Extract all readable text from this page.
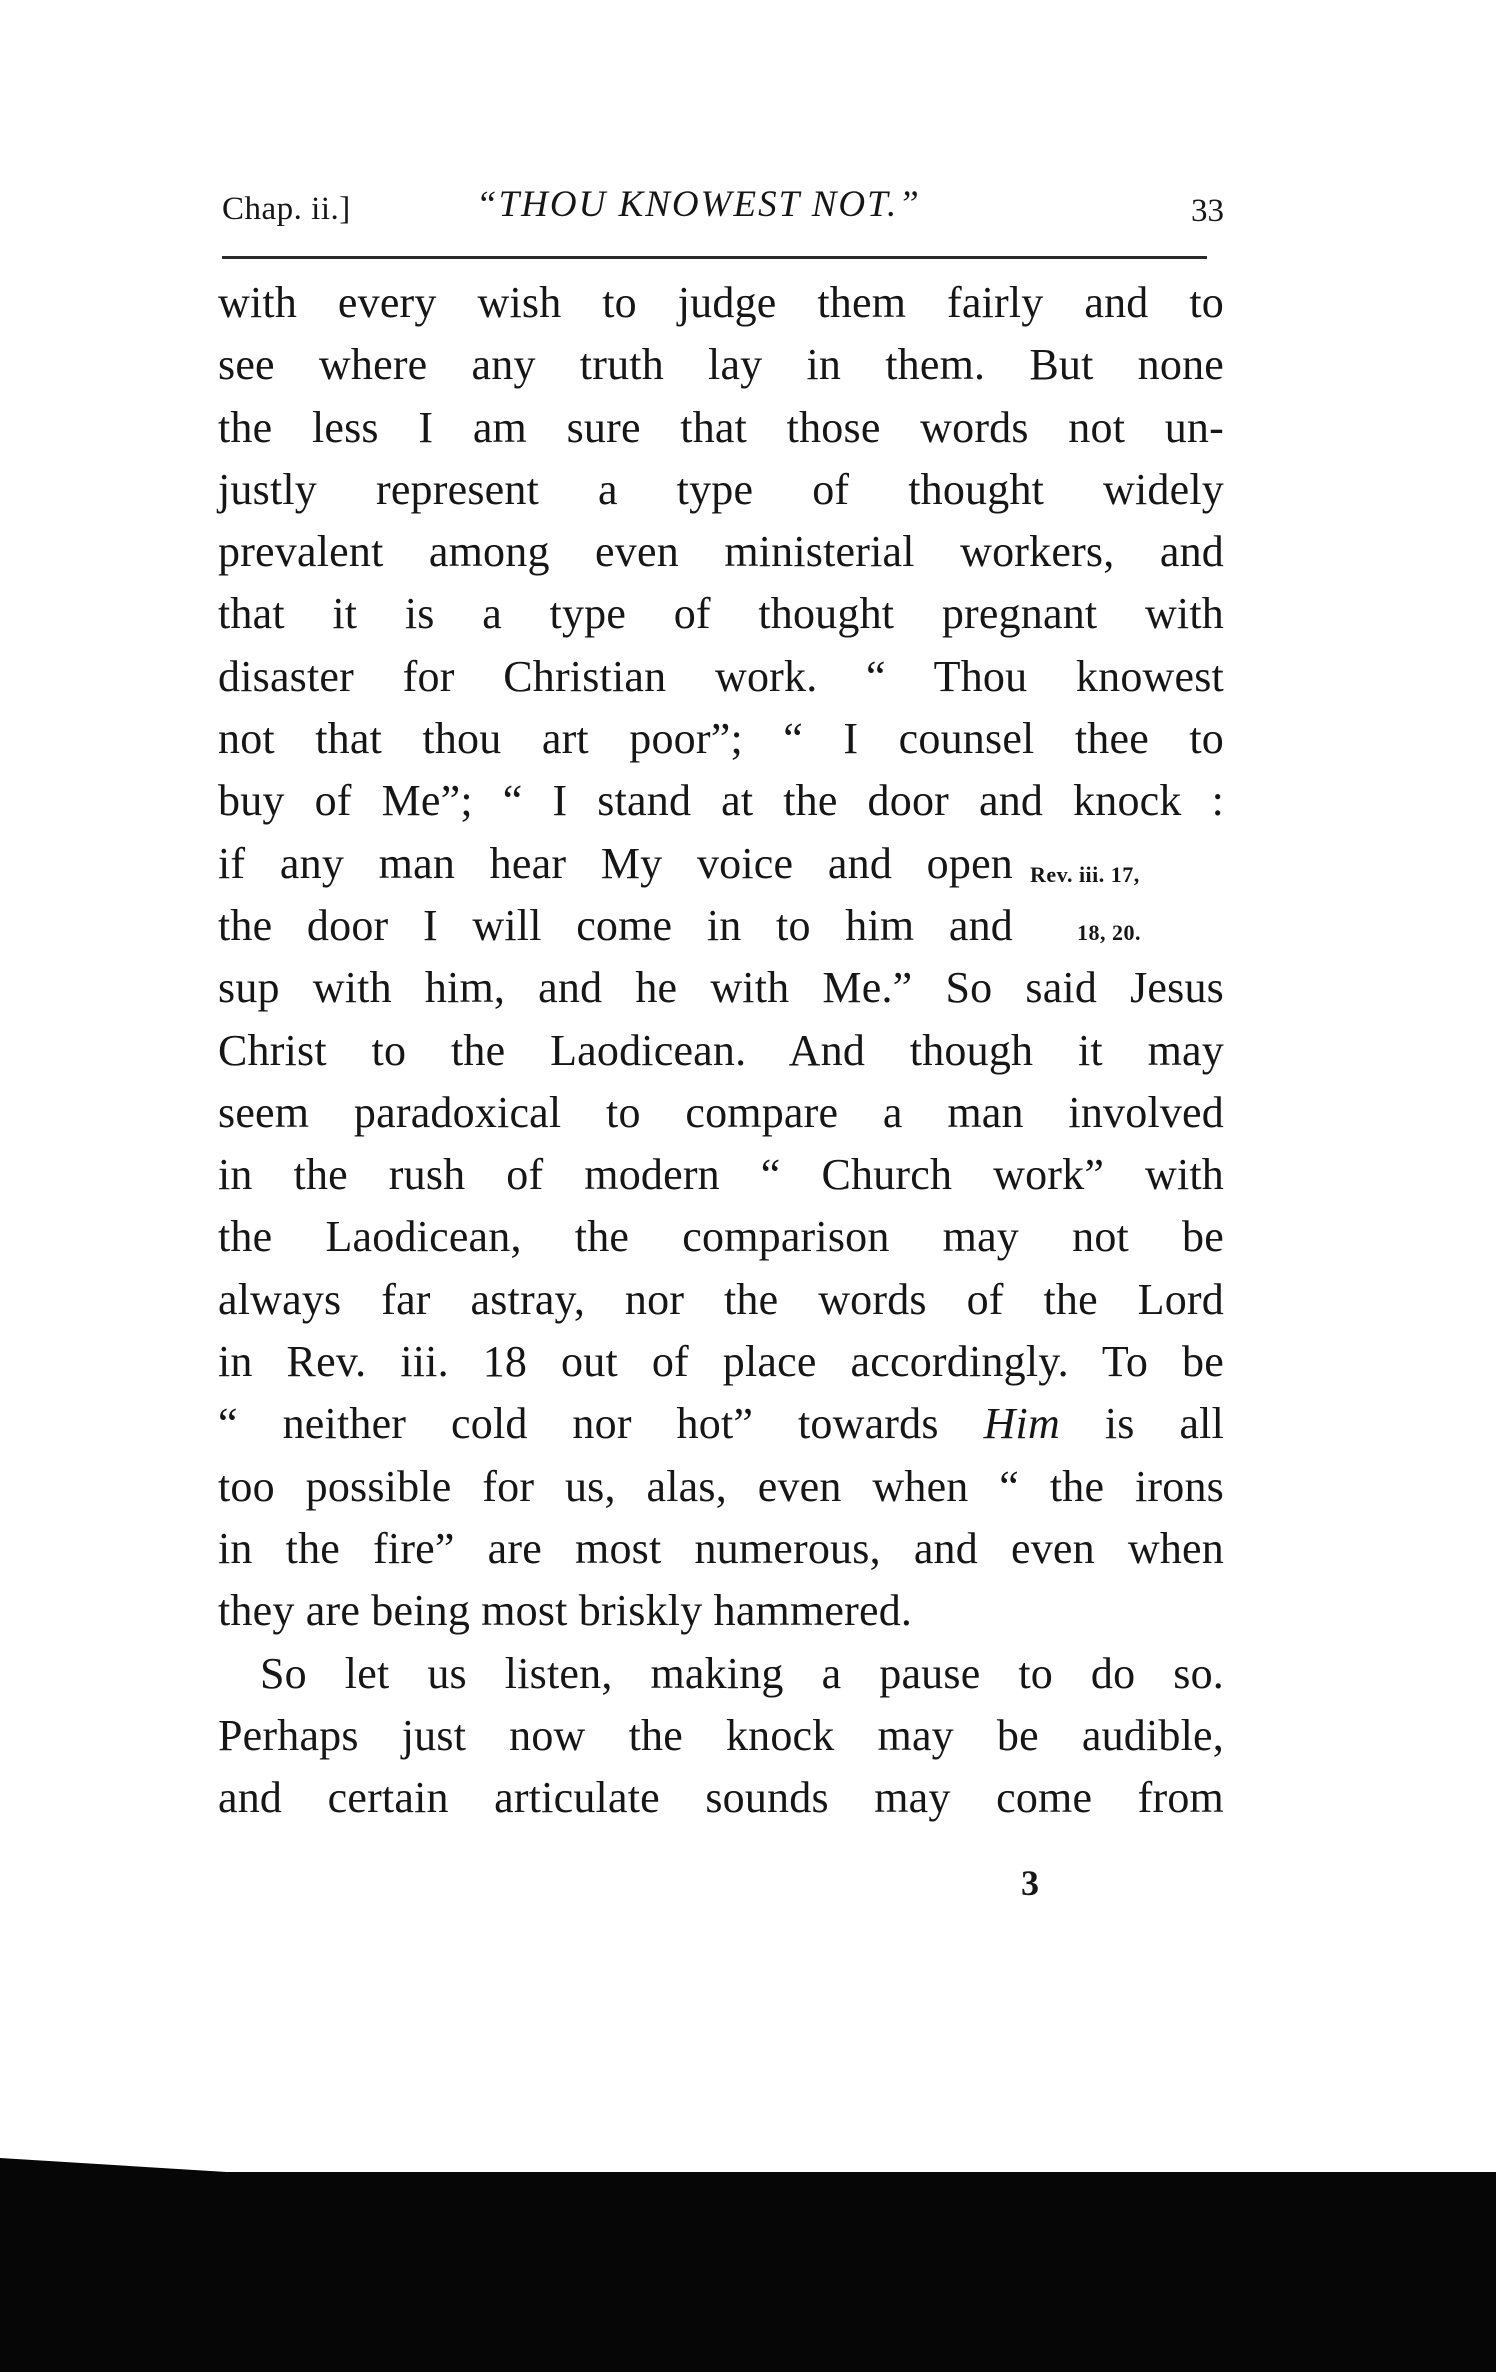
Chap. ii.]	“THOU KNOWEST NOT.”	33
with every wish to judge them fairly and to
see where any truth lay in them. But none
the less I am sure that those words not un-
justly represent a type of thought widely
prevalent among even ministerial workers, and
that it is a type of thought pregnant with
disaster for Christian work. “ Thou knowest
not that thou art poor”; “ I counsel thee to
buy of Me”; “ I stand at the door and knock :
if any man hear My voice and open
the door I will come in to him and
sup with him, and he with Me.” So said Jesus
Christ to the Laodicean. And though it may
seem paradoxical to compare a man involved
in the rush of modern “ Church work” with
the Laodicean, the comparison may not be
always far astray, nor the words of the Lord
in Rev. iii. 18 out of place accordingly. To be
“ neither cold nor hot” towards Him is all
too possible for us, alas, even when “ the irons
in the fire” are most numerous, and even when
they are being most briskly hammered.
So let us listen, making a pause to do so.
Perhaps just now the knock may be audible,
and certain articulate sounds may come from
Rev. iii. 17,
18, 20.
3
